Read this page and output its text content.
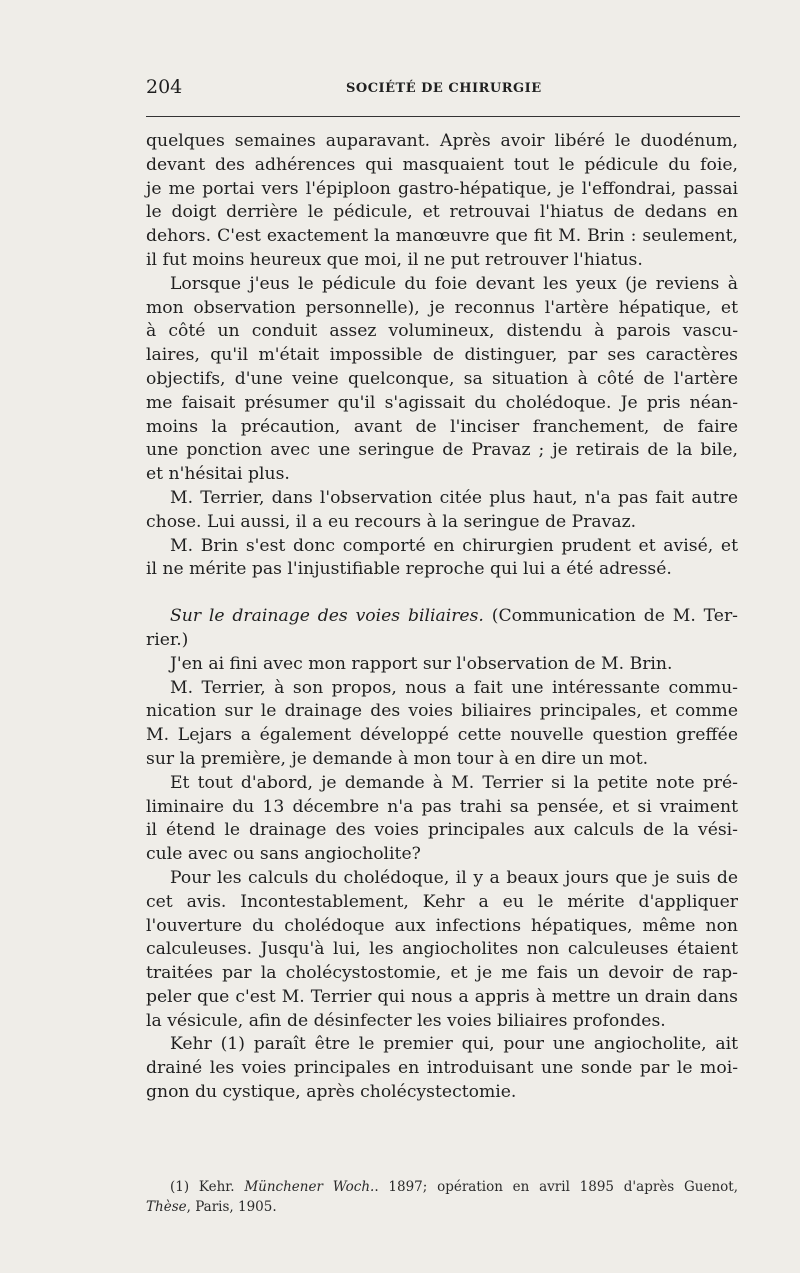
204	SOCIÉTÉ DE CHIRURGIE
quelques semaines auparavant. Après avoir libéré le duodénum,
devant des adhérences qui masquaient tout le pédicule du foie,
je me portai vers l'épiploon gastro-hépatique, je l'effondrai, passai
le doigt derrière le pédicule, et retrouvai l'hiatus de dedans en
dehors. C'est exactement la manœuvre que fit M. Brin : seulement,
il fut moins heureux que moi, il ne put retrouver l'hiatus.
Lorsque j'eus le pédicule du foie devant les yeux (je reviens à
mon observation personnelle), je reconnus l'artère hépatique, et
à côté un conduit assez volumineux, distendu à parois vascu-
laires, qu'il m'était impossible de distinguer, par ses caractères
objectifs, d'une veine quelconque, sa situation à côté de l'artère
me faisait présumer qu'il s'agissait du cholédoque. Je pris néan-
moins la précaution, avant de l'inciser franchement, de faire
une ponction avec une seringue de Pravaz ; je retirais de la bile,
et n'hésitai plus.
M. Terrier, dans l'observation citée plus haut, n'a pas fait autre
chose. Lui aussi, il a eu recours à la seringue de Pravaz.
M. Brin s'est donc comporté en chirurgien prudent et avisé, et
il ne mérite pas l'injustifiable reproche qui lui a été adressé.
Sur le drainage des voies biliaires. (Communication de M. Ter-
rier.)
J'en ai fini avec mon rapport sur l'observation de M. Brin.
M. Terrier, à son propos, nous a fait une intéressante commu-
nication sur le drainage des voies biliaires principales, et comme
M. Lejars a également développé cette nouvelle question greffée
sur la première, je demande à mon tour à en dire un mot.
Et tout d'abord, je demande à M. Terrier si la petite note pré-
liminaire du 13 décembre n'a pas trahi sa pensée, et si vraiment
il étend le drainage des voies principales aux calculs de la vési-
cule avec ou sans angiocholite?
Pour les calculs du cholédoque, il y a beaux jours que je suis de
cet avis. Incontestablement, Kehr a eu le mérite d'appliquer
l'ouverture du cholédoque aux infections hépatiques, même non
calculeuses. Jusqu'à lui, les angiocholites non calculeuses étaient
traitées par la cholécystostomie, et je me fais un devoir de rap-
peler que c'est M. Terrier qui nous a appris à mettre un drain dans
la vésicule, afin de désinfecter les voies biliaires profondes.
Kehr (1) paraît être le premier qui, pour une angiocholite, ait
drainé les voies principales en introduisant une sonde par le moi-
gnon du cystique, après cholécystectomie.
(1) Kehr. Münchener Woch.. 1897; opération en avril 1895 d'après Guenot,
Thèse, Paris, 1905.
